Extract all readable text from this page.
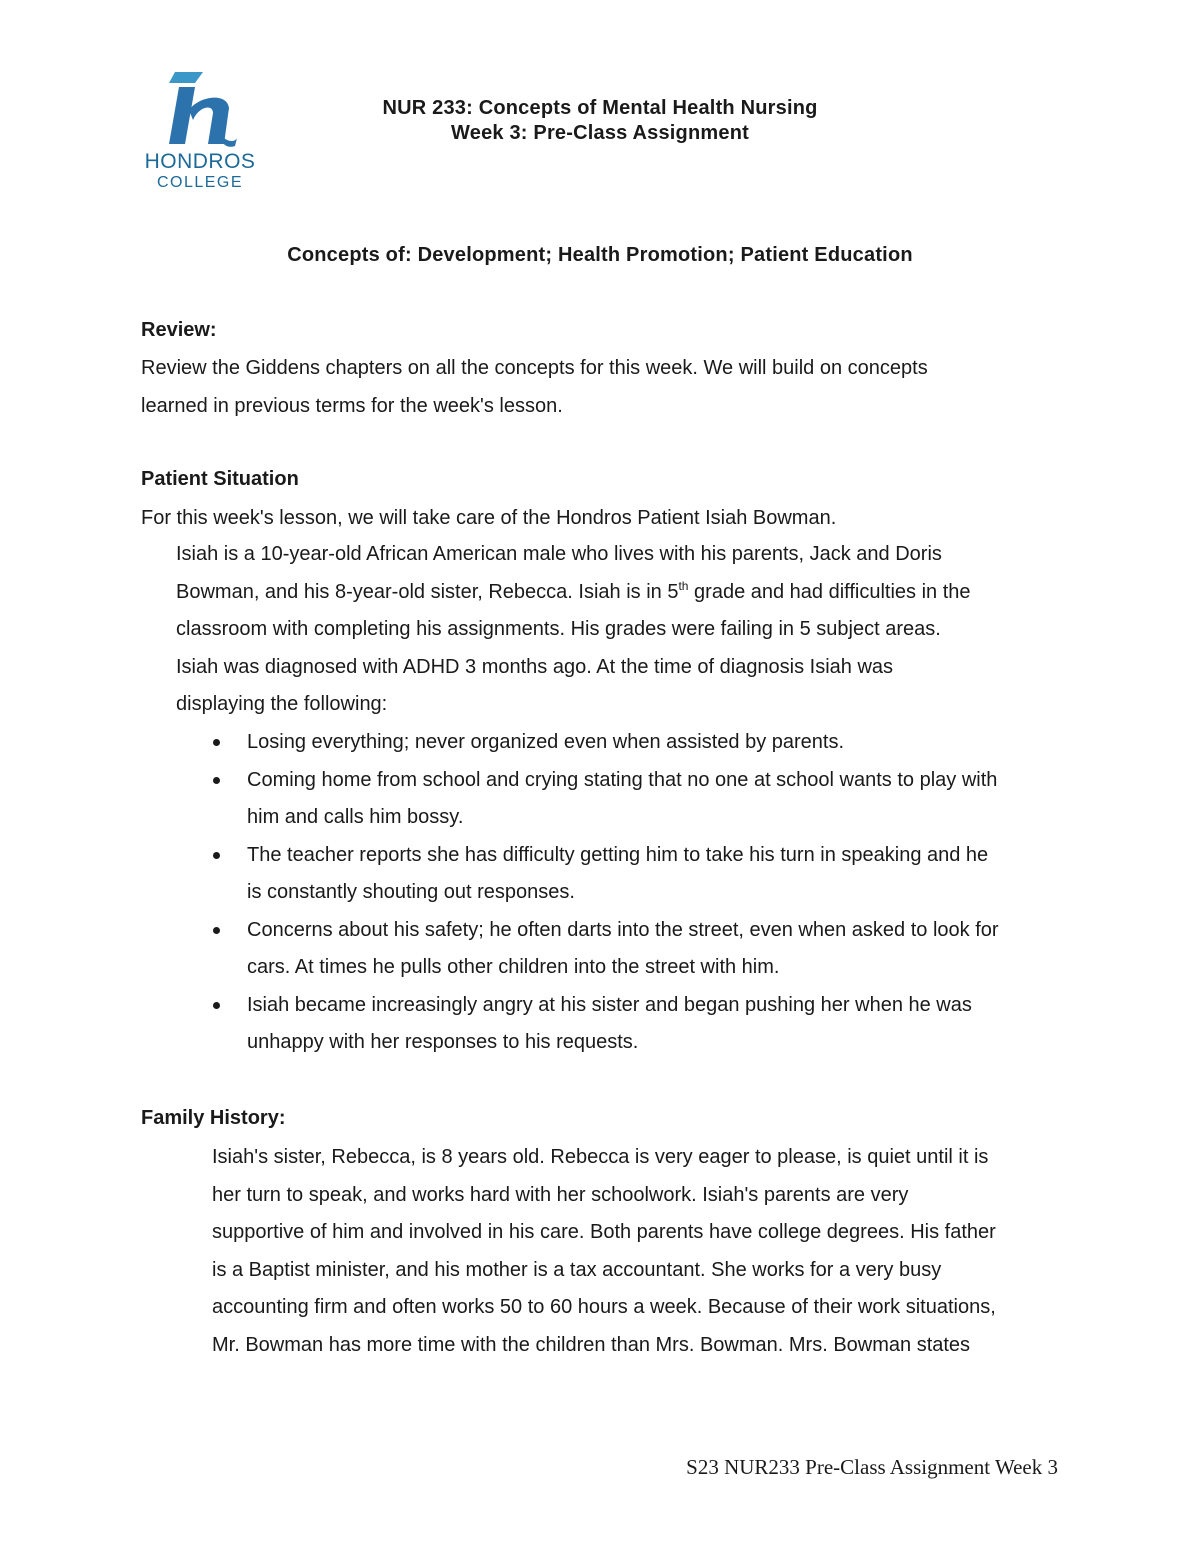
HONDROS
COLLEGE
NUR 233: Concepts of Mental Health Nursing
Week 3: Pre-Class Assignment
Concepts of: Development; Health Promotion; Patient Education
Review:

Review the Giddens chapters on all the concepts for this week. We will build on concepts

learned in previous terms for the week's lesson.

Patient Situation
For this week's lesson, we will take care of the Hondros Patient Isiah Bowman.

Isiah is a 10-year-old African American male who lives with his parents, Jack and Doris

Bowman, and his 8-year-old sister, Rebecca. Isiah is in 5th grade and had difficulties in the

classroom with completing his assignments. His grades were failing in 5 subject areas.

Isiah was diagnosed with ADHD 3 months ago. At the time of diagnosis Isiah was

displaying the following:

Losing everything; never organized even when assisted by parents.
Coming home from school and crying stating that no one at school wants to play with
him and calls him bossy.
The teacher reports she has difficulty getting him to take his turn in speaking and he
is constantly shouting out responses.
Concerns about his safety; he often darts into the street, even when asked to look for
cars. At times he pulls other children into the street with him.
Isiah became increasingly angry at his sister and began pushing her when he was
unhappy with her responses to his requests.
Family History:

Isiah's sister, Rebecca, is 8 years old. Rebecca is very eager to please, is quiet until it is

her turn to speak, and works hard with her schoolwork. Isiah's parents are very

supportive of him and involved in his care. Both parents have college degrees. His father

is a Baptist minister, and his mother is a tax accountant. She works for a very busy

accounting firm and often works 50 to 60 hours a week. Because of their work situations,

Mr. Bowman has more time with the children than Mrs. Bowman. Mrs. Bowman states

S23 NUR233 Pre-Class Assignment Week 3
